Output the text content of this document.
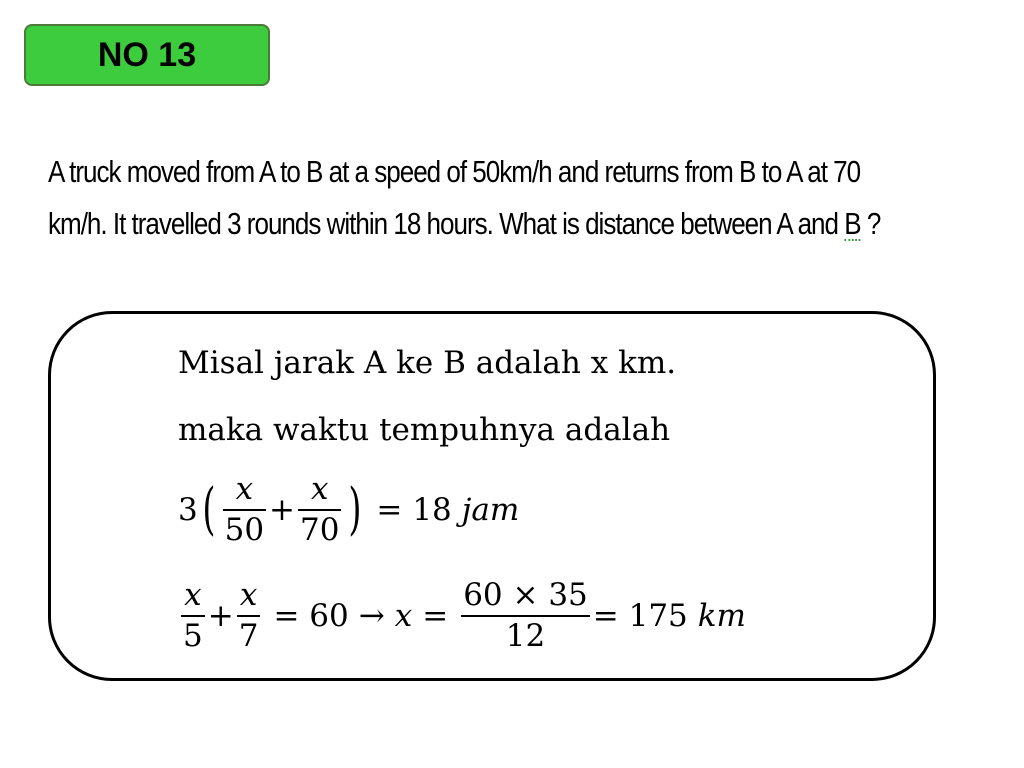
NO 13
A truck moved from A to B at a speed of 50km/h and returns from B to A at 70
km/h. It travelled 3 rounds within 18 hours. What is distance between A and B ?
Misal jarak A ke B adalah x km.
maka waktu tempuhnya adalah
3 ( $\frac{x}{50} + \frac{x}{70}$ ) = 18 jam
$\frac{x}{5} + \frac{x}{7} = 60 \to x = \frac{60 \times 35}{12} = 175$ km
